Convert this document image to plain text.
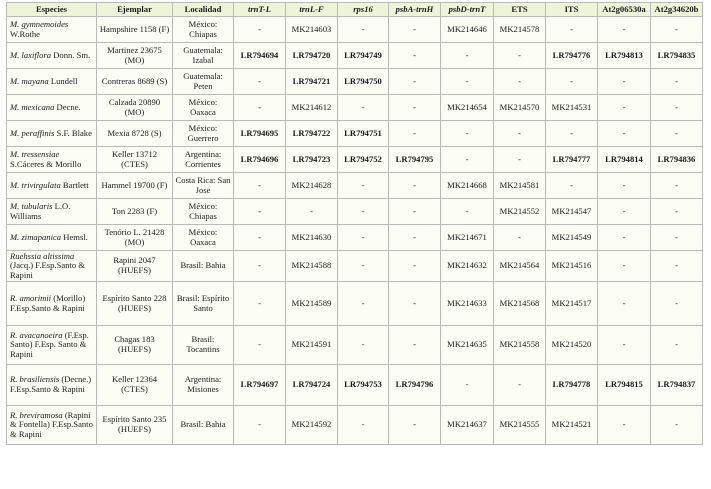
Especies	Ejemplar	Localidad	trnT-L	trnL-F	rps16	psbA-trnH	psbD-trnT	ETS	ITS	At2g06530a	At2g34620b
M. gymnemoides W.Rothe	Hampshire 1158 (F)	México: Chiapas	-	MK214603	-	-	MK214646	MK214578	-	-	-
M. laxiflora Donn. Sm.	Martinez 23675 (MO)	Guatemala: Izabal	LR794694	LR794720	LR794749	-	-	-	LR794776	LR794813	LR794835
M. mayana Lundell	Contreras 8689 (S)	Guatemala: Peten	-	LR794721	LR794750	-	-	-	-	-	-
M. mexicana Decne.	Calzada 20890 (MO)	México: Oaxaca	-	MK214612	-	-	MK214654	MK214570	MK214531	-	-
M. peraffinis S.F. Blake	Mexia 8728 (S)	México: Guerrero	LR794695	LR794722	LR794751	-	-	-	-	-	-
M. tressensiae S.Cáceres & Morillo	Keller 13712 (CTES)	Argentina: Corrientes	LR794696	LR794723	LR794752	LR794795	-	-	LR794777	LR794814	LR794836
M. trivirgulata Bartlett	Hammel 19700 (F)	Costa Rica: San Jose	-	MK214628	-	-	MK214668	MK214581	-	-	-
M. tubularis L.O. Williams	Ton 2283 (F)	México: Chiapas	-	-	-	-	-	MK214552	MK214547	-	-
M. zimapanica Hemsl.	Tenório L. 21428 (MO)	México: Oaxaca	-	MK214630	-	-	MK214671	-	MK214549	-	-
Ruehssia altissima (Jacq.) F.Esp.Santo & Rapini	Rapini 2047 (HUEFS)	Brasil: Bahia	-	MK214588	-	-	MK214632	MK214564	MK214516	-	-
R. amorimii (Morillo) F.Esp.Santo & Rapini	Espírito Santo 228 (HUEFS)	Brasil: Espírito Santo	-	MK214589	-	-	MK214633	MK214568	MK214517	-	-
R. avacanoeira (F.Esp. Santo) F.Esp. Santo & Rapini	Chagas 183 (HUEFS)	Brasil: Tocantins	-	MK214591	-	-	MK214635	MK214558	MK214520	-	-
R. brasiliensis (Decne.) F.Esp.Santo & Rapini	Keller 12364 (CTES)	Argentina: Misiones	LR794697	LR794724	LR794753	LR794796	-	-	LR794778	LR794815	LR794837
R. breviramosa (Rapini & Fontella) F.Esp.Santo & Rapini	Espírito Santo 235 (HUEFS)	Brasil: Bahia	-	MK214592	-	-	MK214637	MK214555	MK214521	-	-
